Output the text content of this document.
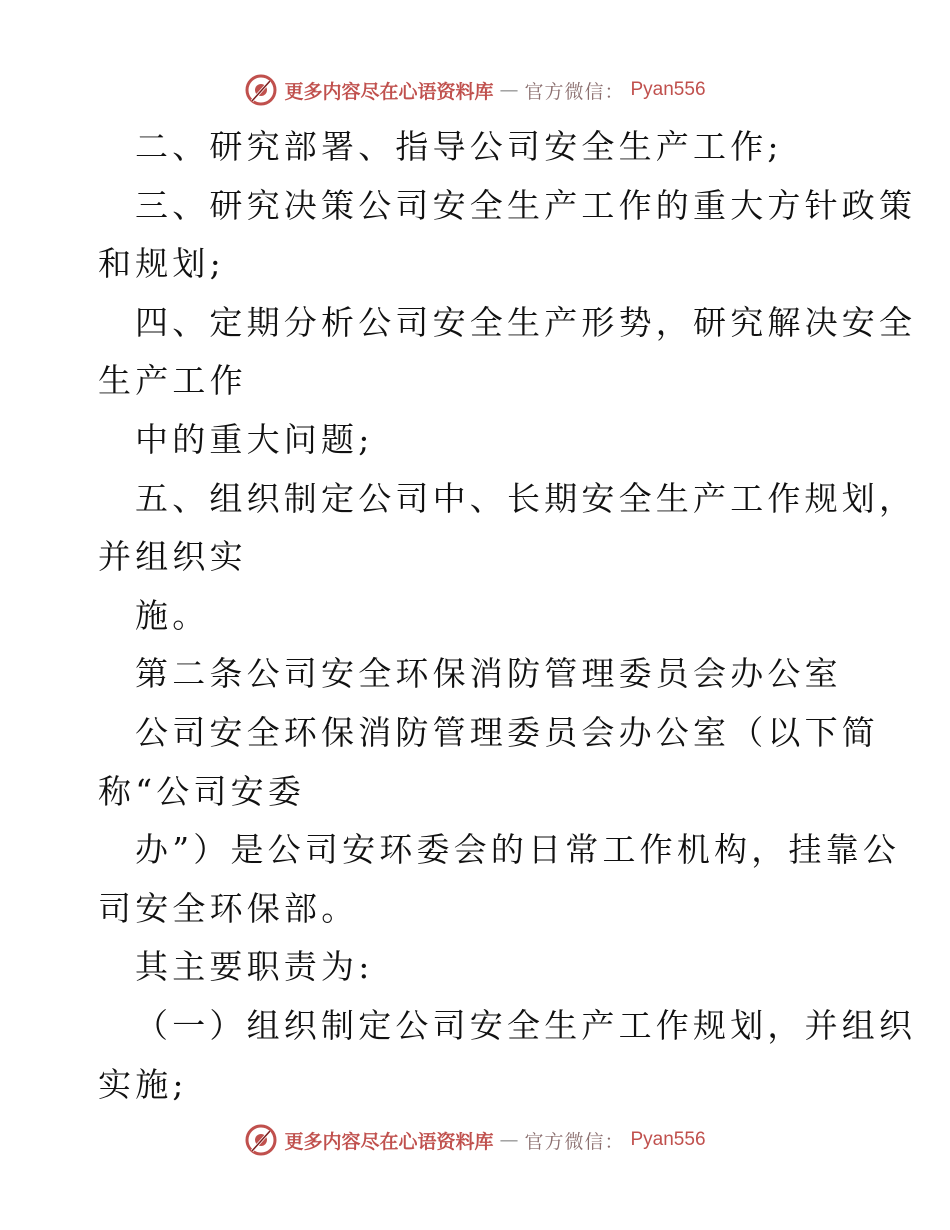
更多内容尽在心语资料库 — 官方微信： Pyan556
二、研究部署、指导公司安全生产工作;
三、研究决策公司安全生产工作的重大方针政策
和规划;
四、定期分析公司安全生产形势，研究解决安全
生产工作
中的重大问题;
五、组织制定公司中、长期安全生产工作规划，
并组织实
施。
第二条公司安全环保消防管理委员会办公室
公司安全环保消防管理委员会办公室（以下简
称“公司安委
办”）是公司安环委会的日常工作机构，挂靠公
司安全环保部。
其主要职责为:
（一）组织制定公司安全生产工作规划，并组织
实施;
更多内容尽在心语资料库 — 官方微信： Pyan556
